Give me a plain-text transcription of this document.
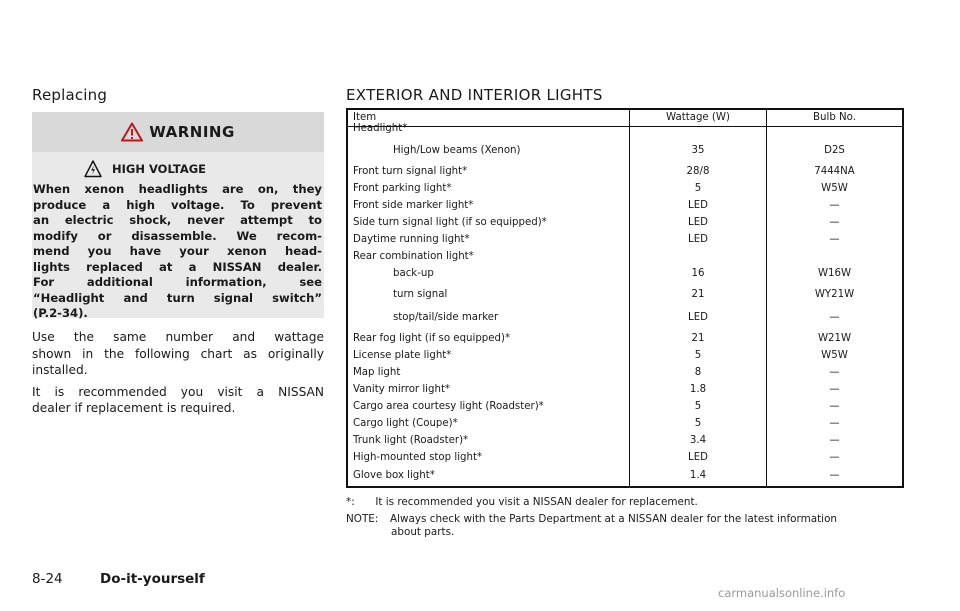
Replacing
WARNING
HIGH VOLTAGE
When xenon headlights are on, they
produce a high voltage. To prevent
an electric shock, never attempt to
modify or disassemble. We recom-
mend you have your xenon head-
lights replaced at a NISSAN dealer.
For additional information, see
“Headlight and turn signal switch”
(P.2-34).
Use the same number and wattage
shown in the following chart as originally
installed.
It is recommended you visit a NISSAN
dealer if replacement is required.
EXTERIOR AND INTERIOR LIGHTS
Item	Wattage (W)	Bulb No.
Headlight*
High/Low beams (Xenon)	35	D2S
Front turn signal light*	28/8	7444NA
Front parking light*	5	W5W
Front side marker light*	LED	—
Side turn signal light (if so equipped)*	LED	—
Daytime running light*	LED	—
Rear combination light*
back-up	16	W16W
turn signal	21	WY21W
stop/tail/side marker	LED	—
Rear fog light (if so equipped)*	21	W21W
License plate light*	5	W5W
Map light	8	—
Vanity mirror light*	1.8	—
Cargo area courtesy light (Roadster)*	5	—
Cargo light (Coupe)*	5	—
Trunk light (Roadster)*	3.4	—
High-mounted stop light*	LED	—
Glove box light*	1.4	—
*: It is recommended you visit a NISSAN dealer for replacement.
NOTE: Always check with the Parts Department at a NISSAN dealer for the latest information
about parts.
8-24	Do-it-yourself
carmanualsonline.info
